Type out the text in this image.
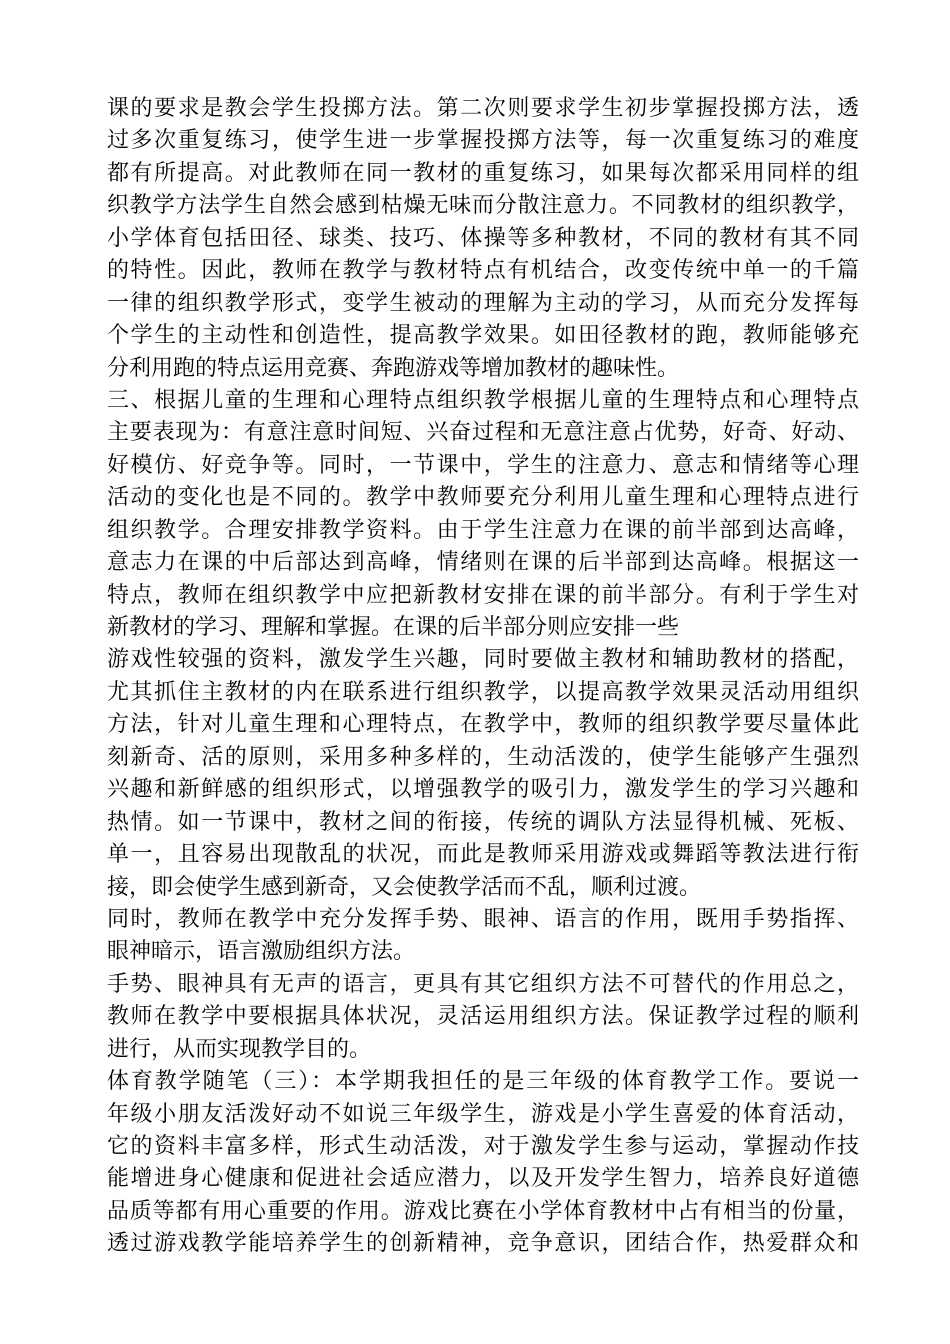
课的要求是教会学生投掷方法。第二次则要求学生初步掌握投掷方法，透
过多次重复练习，使学生进一步掌握投掷方法等，每一次重复练习的难度
都有所提高。对此教师在同一教材的重复练习，如果每次都采用同样的组
织教学方法学生自然会感到枯燥无味而分散注意力。不同教材的组织教学，
小学体育包括田径、球类、技巧、体操等多种教材，不同的教材有其不同
的特性。因此，教师在教学与教材特点有机结合，改变传统中单一的千篇
一律的组织教学形式，变学生被动的理解为主动的学习，从而充分发挥每
个学生的主动性和创造性，提高教学效果。如田径教材的跑，教师能够充
分利用跑的特点运用竞赛、奔跑游戏等增加教材的趣味性。
三、根据儿童的生理和心理特点组织教学根据儿童的生理特点和心理特点
主要表现为：有意注意时间短、兴奋过程和无意注意占优势，好奇、好动、
好模仿、好竞争等。同时，一节课中，学生的注意力、意志和情绪等心理
活动的变化也是不同的。教学中教师要充分利用儿童生理和心理特点进行
组织教学。合理安排教学资料。由于学生注意力在课的前半部到达高峰，
意志力在课的中后部达到高峰，情绪则在课的后半部到达高峰。根据这一
特点，教师在组织教学中应把新教材安排在课的前半部分。有利于学生对
新教材的学习、理解和掌握。在课的后半部分则应安排一些
游戏性较强的资料，激发学生兴趣，同时要做主教材和辅助教材的搭配，
尤其抓住主教材的内在联系进行组织教学，以提高教学效果灵活动用组织
方法，针对儿童生理和心理特点，在教学中，教师的组织教学要尽量体此
刻新奇、活的原则，采用多种多样的，生动活泼的，使学生能够产生强烈
兴趣和新鲜感的组织形式，以增强教学的吸引力，激发学生的学习兴趣和
热情。如一节课中，教材之间的衔接，传统的调队方法显得机械、死板、
单一，且容易出现散乱的状况，而此是教师采用游戏或舞蹈等教法进行衔
接，即会使学生感到新奇，又会使教学活而不乱，顺利过渡。
同时，教师在教学中充分发挥手势、眼神、语言的作用，既用手势指挥、
眼神暗示，语言激励组织方法。
手势、眼神具有无声的语言，更具有其它组织方法不可替代的作用总之，
教师在教学中要根据具体状况，灵活运用组织方法。保证教学过程的顺利
进行，从而实现教学目的。
体育教学随笔（三）：本学期我担任的是三年级的体育教学工作。要说一
年级小朋友活泼好动不如说三年级学生，游戏是小学生喜爱的体育活动，
它的资料丰富多样，形式生动活泼，对于激发学生参与运动，掌握动作技
能增进身心健康和促进社会适应潜力，以及开发学生智力，培养良好道德
品质等都有用心重要的作用。游戏比赛在小学体育教材中占有相当的份量，
透过游戏教学能培养学生的创新精神，竞争意识，团结合作，热爱群众和
